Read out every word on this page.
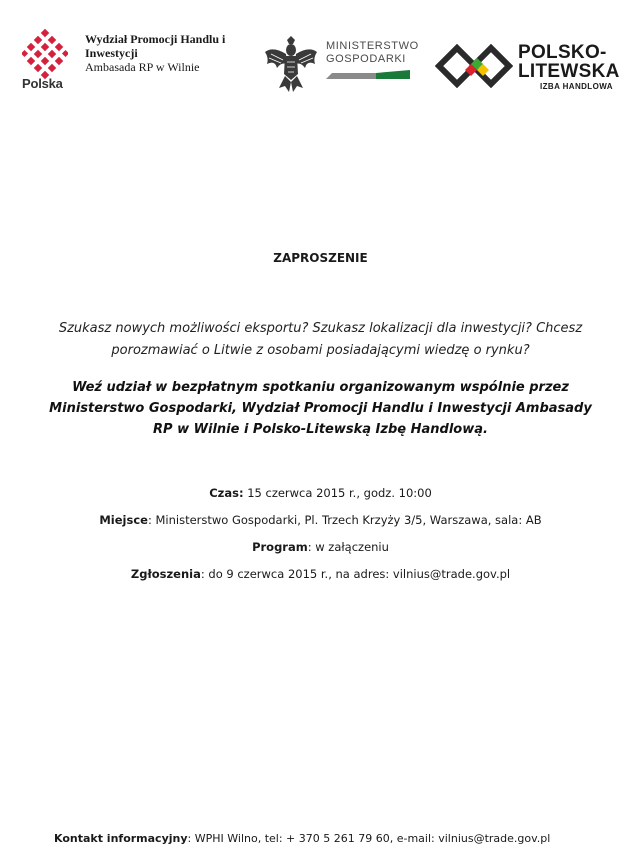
Polska
Wydział Promocji Handlu i Inwestycji
Ambasada RP w Wilnie
MINISTERSTWO
GOSPODARKI	POLSKO-
LITEWSKA
IZBA HANDLOWA
ZAPROSZENIE
Szukasz nowych możliwości eksportu? Szukasz lokalizacji dla inwestycji? Chcesz porozmawiać o Litwie z osobami posiadającymi wiedzę o rynku?
Weź udział w bezpłatnym spotkaniu organizowanym wspólnie przez Ministerstwo Gospodarki, Wydział Promocji Handlu i Inwestycji Ambasady RP w Wilnie i Polsko-Litewską Izbę Handlową.
Czas: 15 czerwca 2015 r., godz. 10:00
Miejsce: Ministerstwo Gospodarki, Pl. Trzech Krzyży 3/5, Warszawa, sala: AB
Program: w załączeniu
Zgłoszenia: do 9 czerwca 2015 r., na adres: vilnius@trade.gov.pl
Kontakt informacyjny: WPHI Wilno, tel: + 370 5 261 79 60, e-mail: vilnius@trade.gov.pl
